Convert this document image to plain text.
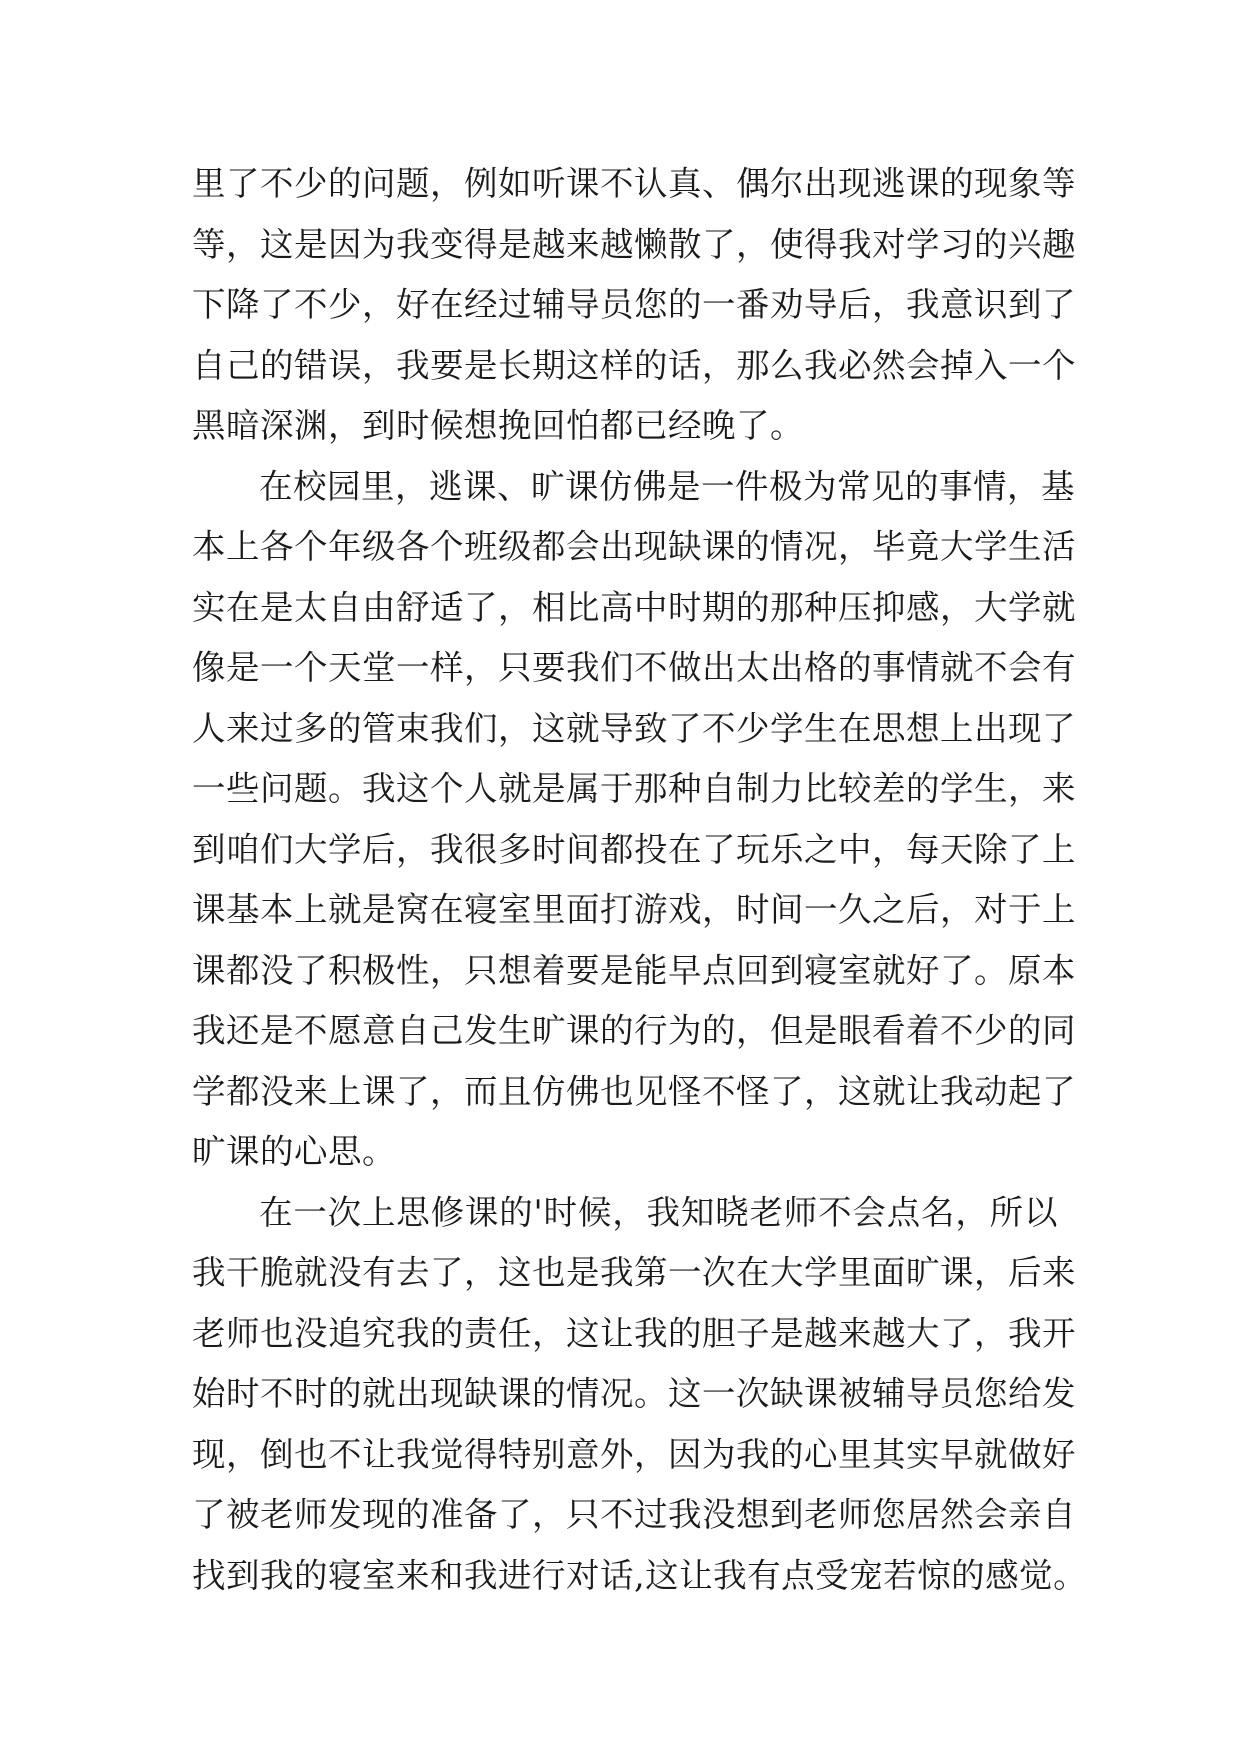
里了不少的问题，例如听课不认真、偶尔出现逃课的现象等
等，这是因为我变得是越来越懒散了，使得我对学习的兴趣
下降了不少，好在经过辅导员您的一番劝导后，我意识到了
自己的错误，我要是长期这样的话，那么我必然会掉入一个
黑暗深渊，到时候想挽回怕都已经晚了。
在校园里，逃课、旷课仿佛是一件极为常见的事情，基
本上各个年级各个班级都会出现缺课的情况，毕竟大学生活
实在是太自由舒适了，相比高中时期的那种压抑感，大学就
像是一个天堂一样，只要我们不做出太出格的事情就不会有
人来过多的管束我们，这就导致了不少学生在思想上出现了
一些问题。我这个人就是属于那种自制力比较差的学生，来
到咱们大学后，我很多时间都投在了玩乐之中，每天除了上
课基本上就是窝在寝室里面打游戏，时间一久之后，对于上
课都没了积极性，只想着要是能早点回到寝室就好了。原本
我还是不愿意自己发生旷课的行为的，但是眼看着不少的同
学都没来上课了，而且仿佛也见怪不怪了，这就让我动起了
旷课的心思。
在一次上思修课的'时候，我知晓老师不会点名，所以
我干脆就没有去了，这也是我第一次在大学里面旷课，后来
老师也没追究我的责任，这让我的胆子是越来越大了，我开
始时不时的就出现缺课的情况。这一次缺课被辅导员您给发
现，倒也不让我觉得特别意外，因为我的心里其实早就做好
了被老师发现的准备了，只不过我没想到老师您居然会亲自
找到我的寝室来和我进行对话,这让我有点受宠若惊的感觉。
